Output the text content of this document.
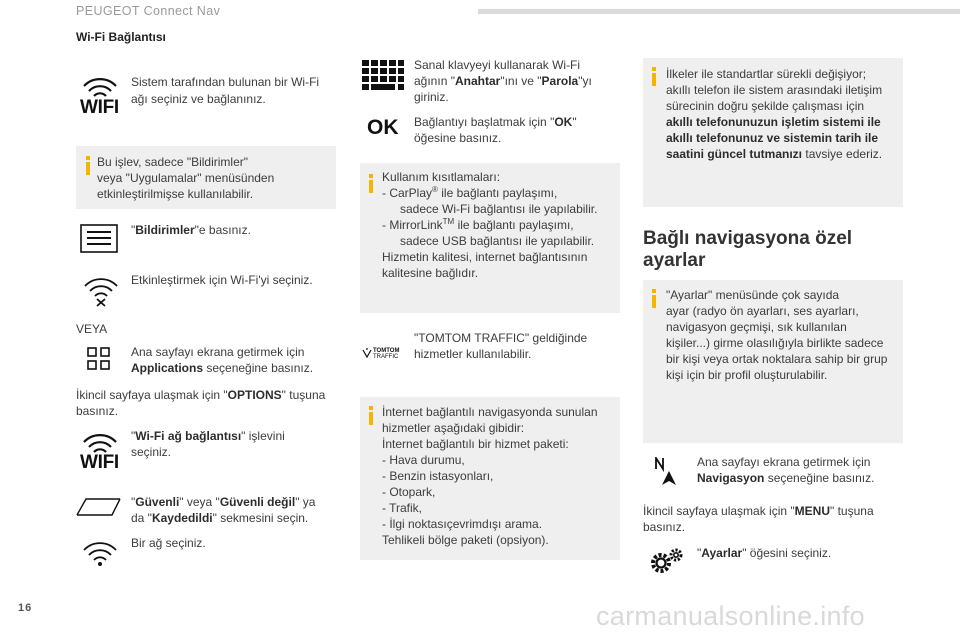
PEUGEOT Connect Nav
Wi-Fi Bağlantısı
WIFI
Sistem tarafından bulunan bir Wi-Fi ağı seçiniz ve bağlanınız.
Bu işlev, sadece "Bildirimler"
veya "Uygulamalar" menüsünden
etkinleştirilmişse kullanılabilir.
"Bildirimler"e basınız.
Etkinleştirmek için Wi-Fi'yi seçiniz.
VEYA
Ana sayfayı ekrana getirmek için
Applications seçeneğine basınız.
İkincil sayfaya ulaşmak için "OPTIONS" tuşuna
basınız.
WIFI
"Wi-Fi ağ bağlantısı" işlevini
seçiniz.
"Güvenli" veya "Güvenli değil" ya
da "Kaydedildi" sekmesini seçin.
Bir ağ seçiniz.
Sanal klavyeyi kullanarak Wi-Fi
ağının "Anahtar"ını ve "Parola"yı
giriniz.
OK Bağlantıyı başlatmak için "OK"
öğesine basınız.
Kullanım kısıtlamaları:
- CarPlay® ile bağlantı paylaşımı,
sadece Wi-Fi bağlantısı ile yapılabilir.
- MirrorLink™ ile bağlantı paylaşımı,
sadece USB bağlantısı ile yapılabilir.
Hizmetin kalitesi, internet bağlantısının
kalitesine bağlıdır.
TOMTOM
TRAFFIC
"TOMTOM TRAFFIC" geldiğinde
hizmetler kullanılabilir.
İnternet bağlantılı navigasyonda sunulan
hizmetler aşağıdaki gibidir:
İnternet bağlantılı bir hizmet paketi:
- Hava durumu,
- Benzin istasyonları,
- Otopark,
- Trafik,
- İlgi noktasıçevrimdışı arama.
Tehlikeli bölge paketi (opsiyon).
İlkeler ile standartlar sürekli değişiyor;
akıllı telefon ile sistem arasındaki iletişim
sürecinin doğru şekilde çalışması için
akıllı telefonunuzun işletim sistemi ile
akıllı telefonunuz ve sistemin tarih ile
saatini güncel tutmanızı tavsiye ederiz.
Bağlı navigasyona özel
ayarlar
"Ayarlar" menüsünde çok sayıda
ayar (radyo ön ayarları, ses ayarları,
navigasyon geçmişi, sık kullanılan
kişiler...) girme olasılığıyla birlikte sadece
bir kişi veya ortak noktalara sahip bir grup
kişi için bir profil oluşturulabilir.
Ana sayfayı ekrana getirmek için
Navigasyon seçeneğine basınız.
İkincil sayfaya ulaşmak için "MENU" tuşuna
basınız.
"Ayarlar" öğesini seçiniz.
16	carmanualsonline.info
